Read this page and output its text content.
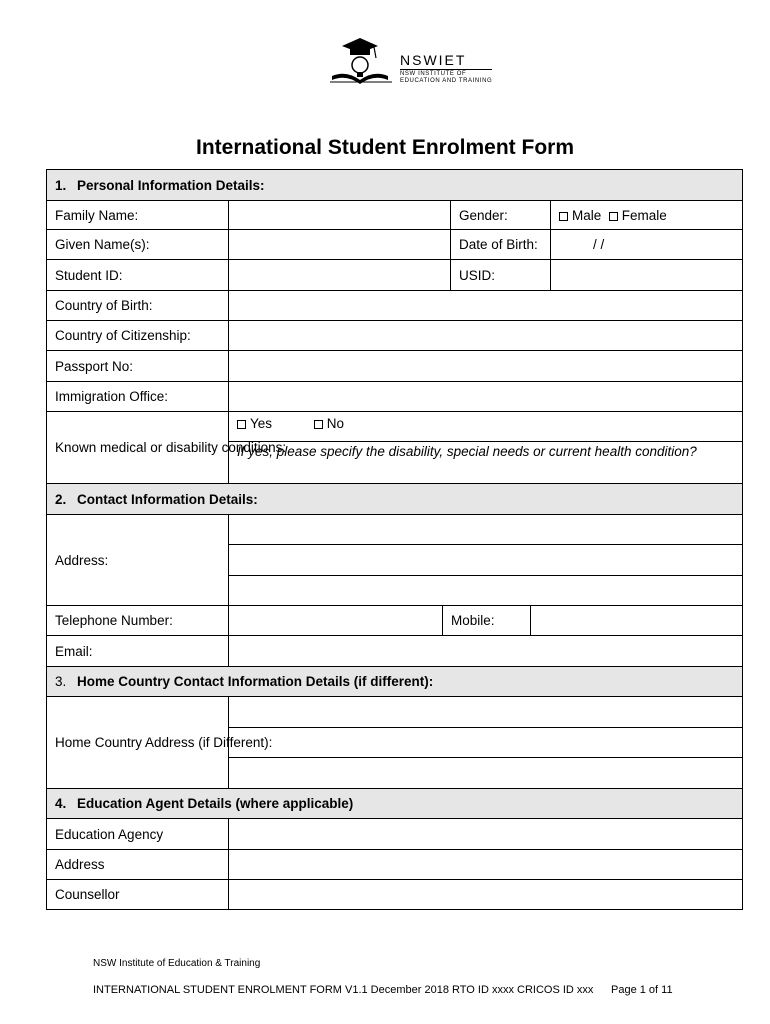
NSWIET
NSW INSTITUTE OF
EDUCATION AND TRAINING
International Student Enrolment Form
1. Personal Information Details:					
Family Name:			Gender:		Male Female
Given Name(s):			Date of Birth:		/ /
Student ID:			USID:		
Country of Birth:					
Country of Citizenship:					
Passport No:					
Immigration Office:					
Known medical or disability conditions:	Yes No				
	If yes, please specify the disability, special needs or current health condition?				
2. Contact Information Details:					
Address:					

Telephone Number:		Mobile:			
Email:					
3. Home Country Contact Information Details (if different):					
Home Country Address (if Different):					

4. Education Agent Details (where applicable)					
Education Agency					
Address					
Counsellor					
NSW Institute of Education & Training
INTERNATIONAL STUDENT ENROLMENT FORM V1.1 December 2018 RTO ID xxxx CRICOS ID xxx Page 1 of 11
